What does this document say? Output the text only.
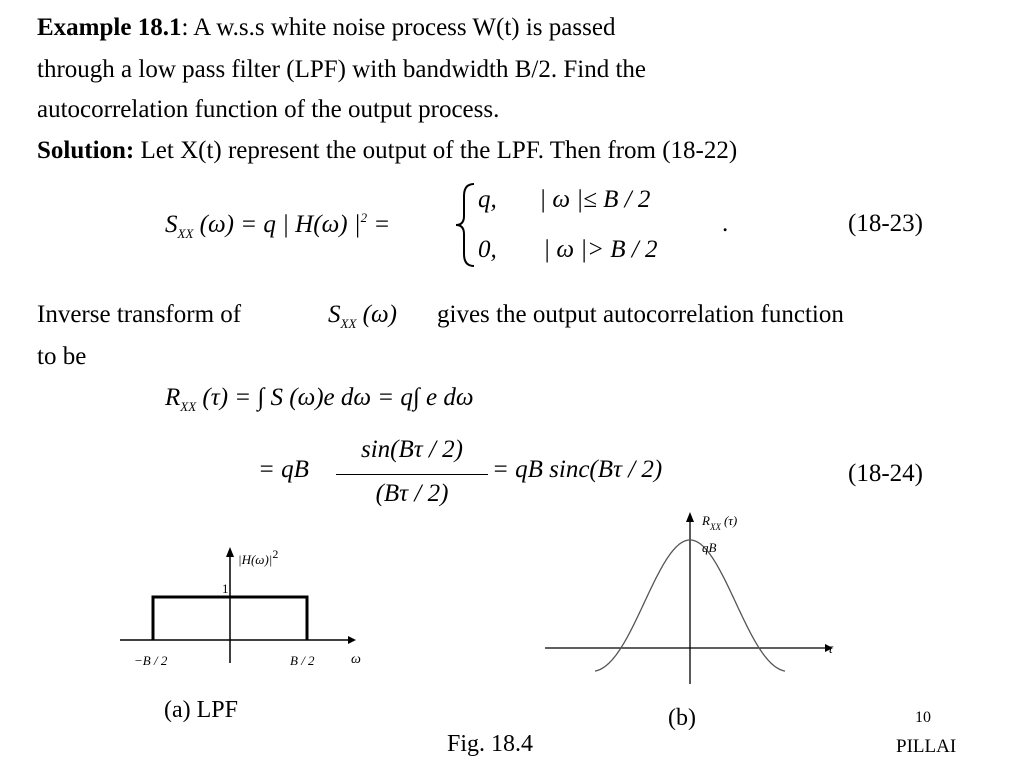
Example 18.1: A w.s.s white noise process W(t) is passed
through a low pass filter (LPF) with bandwidth B/2. Find the
autocorrelation function of the output process.
Solution: Let X(t) represent the output of the LPF. Then from (18-22)
$S_{XX}$ (ω) = q | H(ω) $|^2$ =
q, | ω |≤ B / 2
0, | ω |> B / 2
.	(18-23)
Inverse transform of	$S_{XX}$ (ω) gives the output autocorrelation function
to be
$R_{XX}$ (τ) = ∫ S (ω)e dω = q∫ e dω
= qB
sin(Bτ / 2)
(Bτ / 2)
= qB sinc(Bτ / 2)	(18-24)
|H(ω)|2
1
−B / 2	B / 2	ω
(a) LPF
$R_{XX}$ (τ)
qB
τ
(b)
Fig. 18.4
10
PILLAI
